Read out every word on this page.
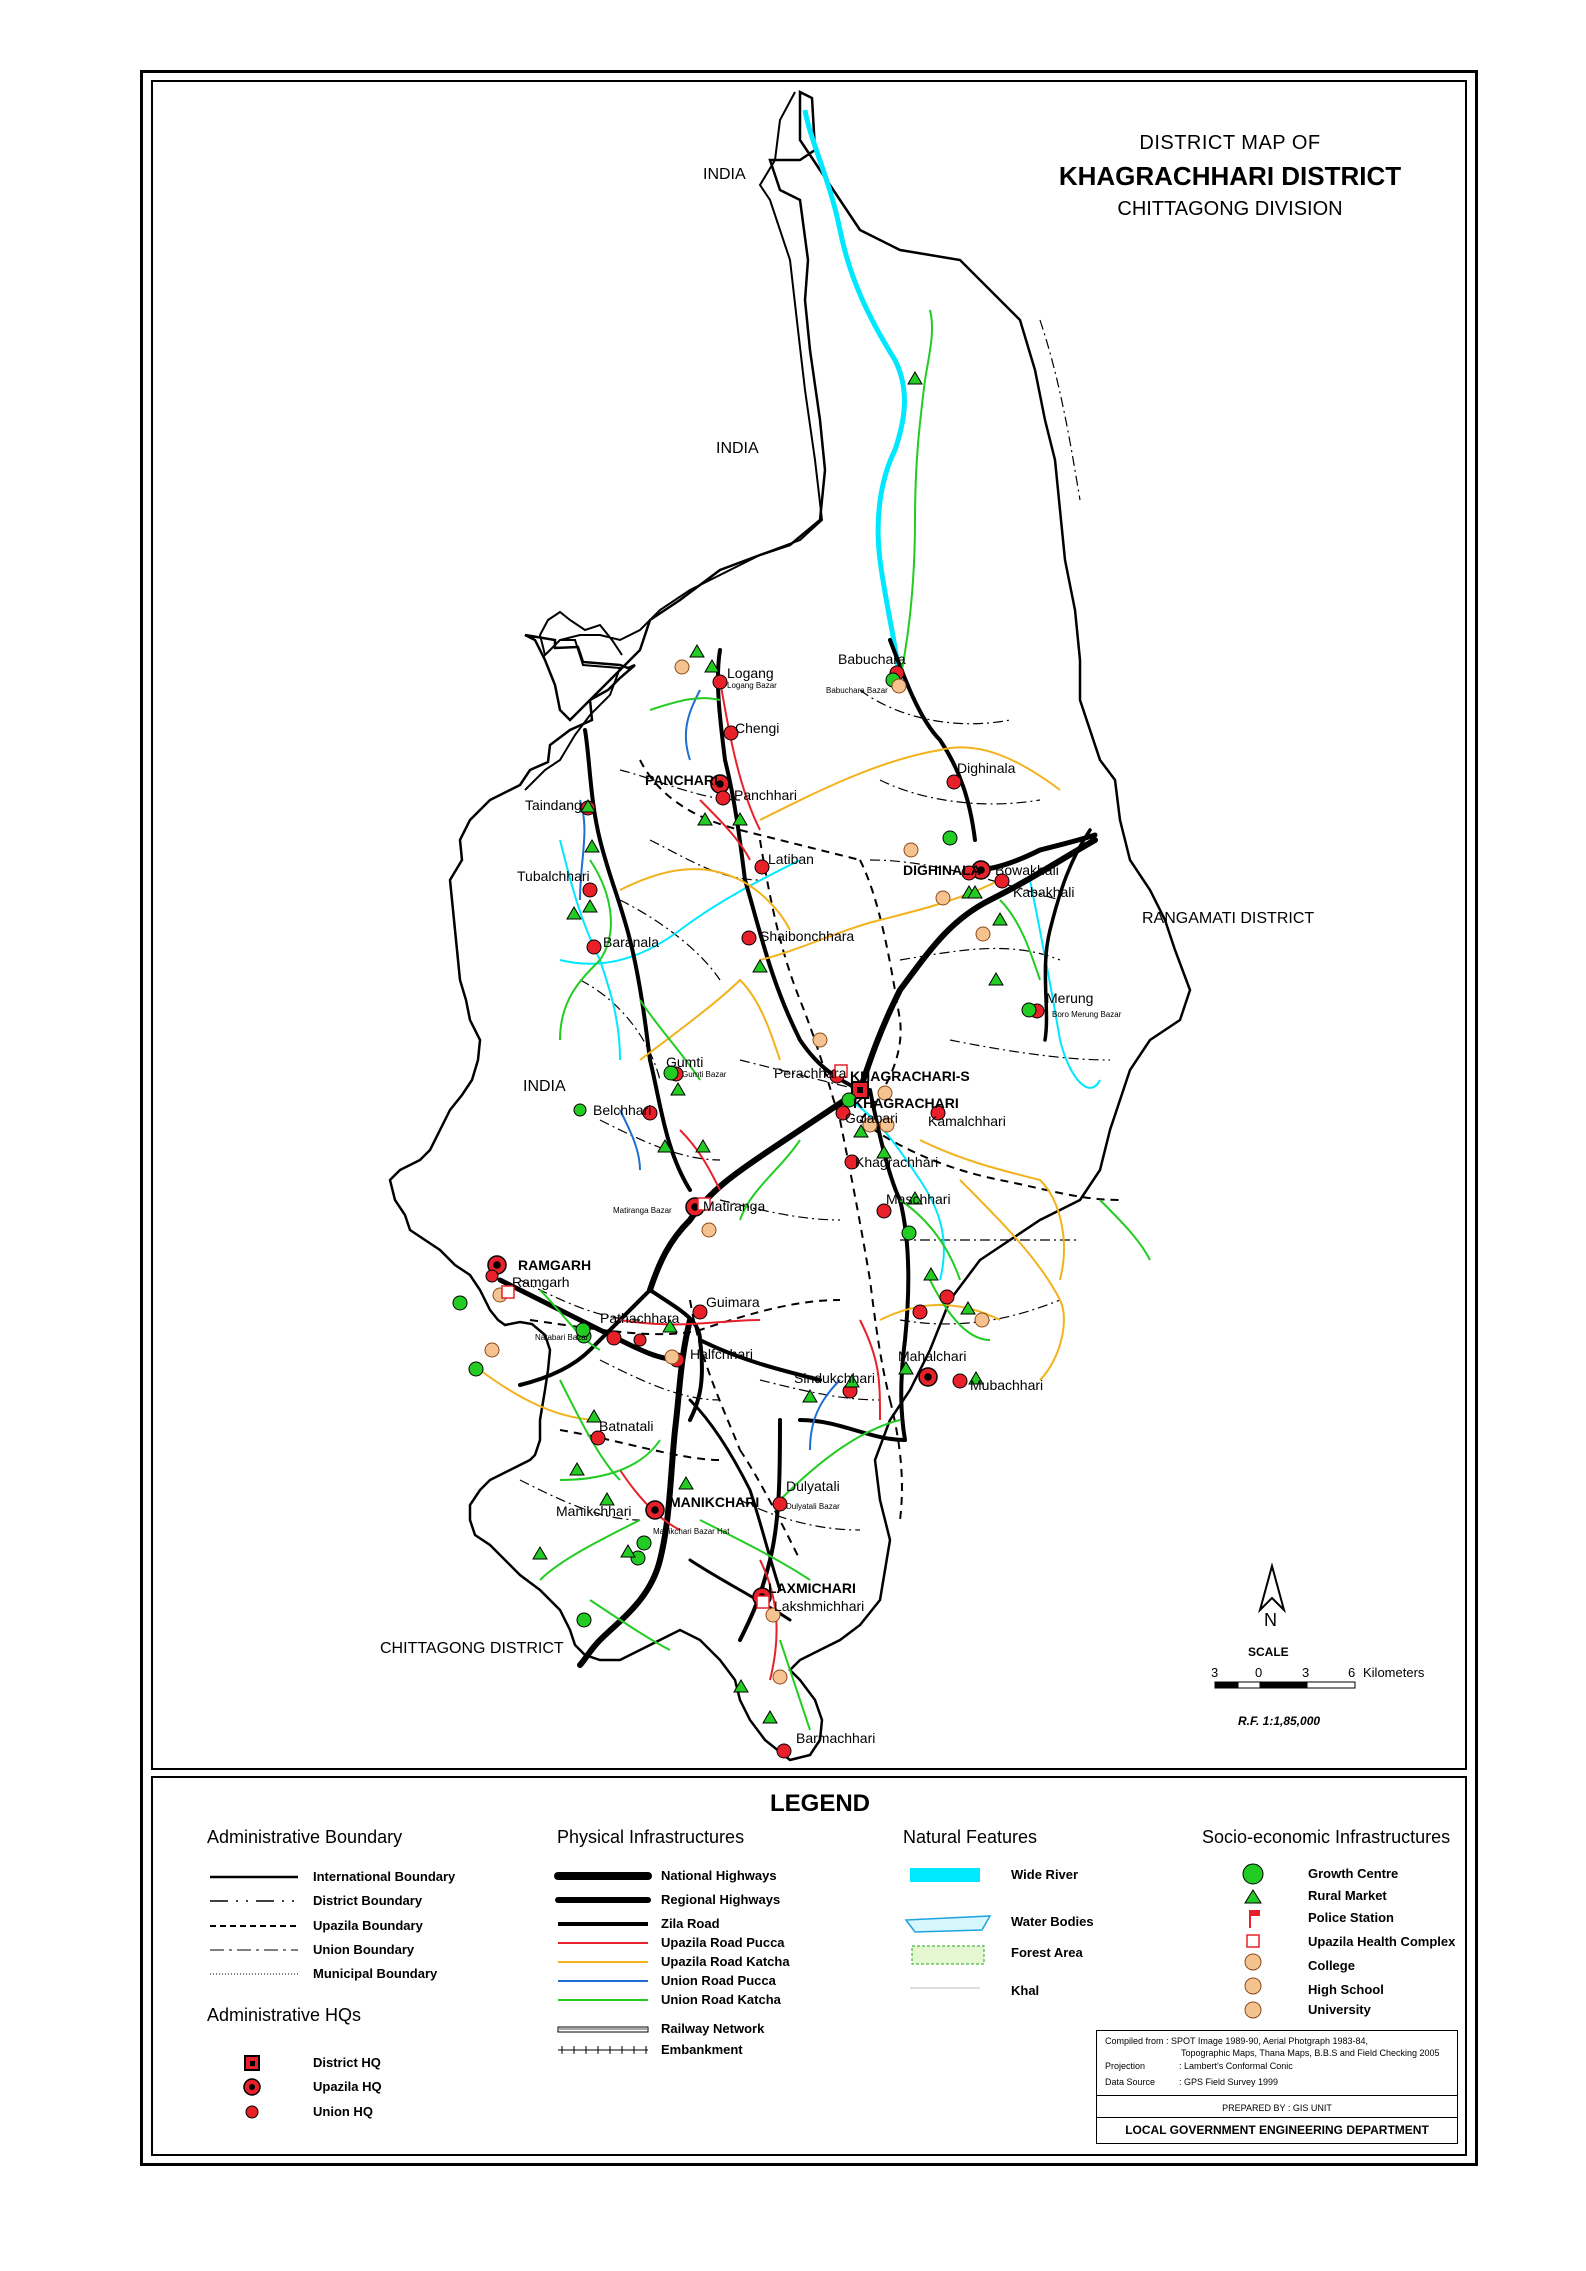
DISTRICT MAP OF
KHAGRACHHARI DISTRICT
CHITTAGONG DIVISION
INDIA
INDIA
INDIA
RANGAMATI DISTRICT
CHITTAGONG DISTRICT
PANCHARI
DIGHINALA
KHAGRACHARI-S
RAMGARH
MANIKCHARI
LAXMICHARI
Logang
Logang Bazar
Chengi
Panchhari
Taindang
Tubalchhari
Latiban
Shaibonchhara
Baranala
Babuchara
Babuchara Bazar
Dighinala
Bowakhali
Kabakhali
Merung
Boro Merung Bazar
Gumti
Gumti Bazar
Belchhari
Perachhara
KHAGRACHARI
Golabari Kamalchhari
Khagrachhari
Maschhari
Matiranga
Matiranga Bazar
Ramgarh
Guimara
Pathachhara
Natabari Bazar
Halfchhari
Sindukchhari
Mahalchari
Mubachhari
Batnatali
Manikchhari
Manikchari Bazar Hat
Dulyatali
Dulyatali Bazar
Lakshmichhari
Barmachhari
N
SCALE
3	0	3	6 Kilometers
R.F. 1:1,85,000
LEGEND
Administrative Boundary
International Boundary
District Boundary
Upazila Boundary
Union Boundary
Municipal Boundary
Administrative HQs
District HQ
Upazila HQ
Union HQ
Physical Infrastructures
National Highways
Regional Highways
Zila Road
Upazila Road Pucca
Upazila Road Katcha
Union Road Pucca
Union Road Katcha
Railway Network
Embankment
Natural Features
Wide River
Water Bodies
Forest Area
Khal
Socio-economic Infrastructures
Growth Centre
Rural Market
Police Station
Upazila Health Complex
College
High School
University
Compiled from : SPOT Image 1989-90, Aerial Photgraph 1983-84,
Topographic Maps, Thana Maps, B.B.S and Field Checking 2005
Projection	: Lambert's Conformal Conic
Data Source	: GPS Field Survey 1999
PREPARED BY : GIS UNIT
LOCAL GOVERNMENT ENGINEERING DEPARTMENT
